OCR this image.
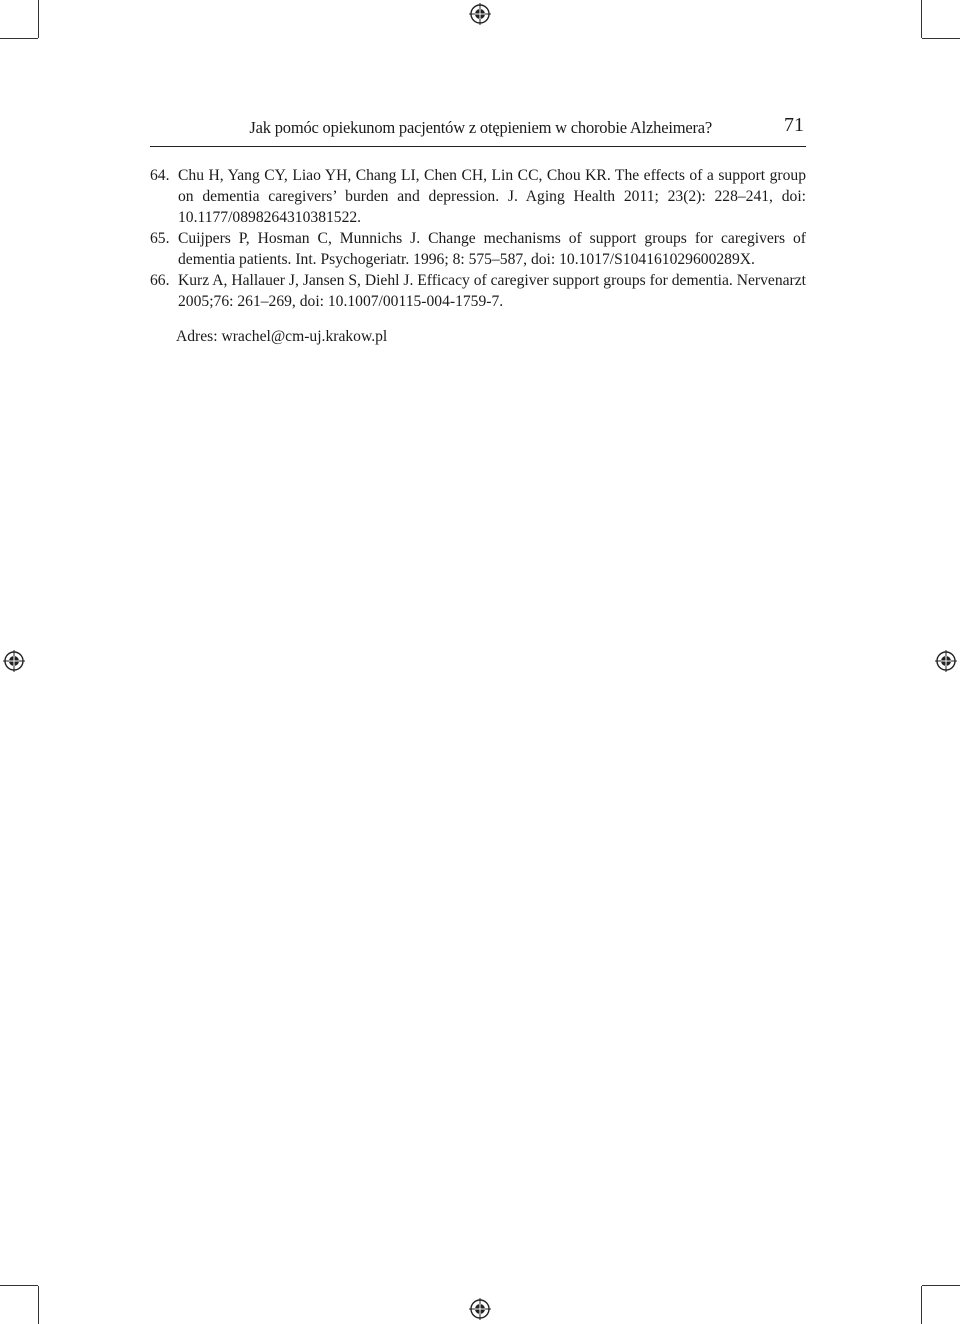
Jak pomóc opiekunom pacjentów z otępieniem w chorobie Alzheimera?	71
64. Chu H, Yang CY, Liao YH, Chang LI, Chen CH, Lin CC, Chou KR. The effects of a support group on dementia caregivers’ burden and depression. J. Aging Health 2011; 23(2): 228–241, doi: 10.1177/0898264310381522.
65. Cuijpers P, Hosman C, Munnichs J. Change mechanisms of support groups for caregivers of dementia patients. Int. Psychogeriatr. 1996; 8: 575–587, doi: 10.1017/S104161029600289X.
66. Kurz A, Hallauer J, Jansen S, Diehl J. Efficacy of caregiver support groups for dementia. Nervenarzt 2005;76: 261–269, doi: 10.1007/00115-004-1759-7.
Adres: wrachel@cm-uj.krakow.pl
